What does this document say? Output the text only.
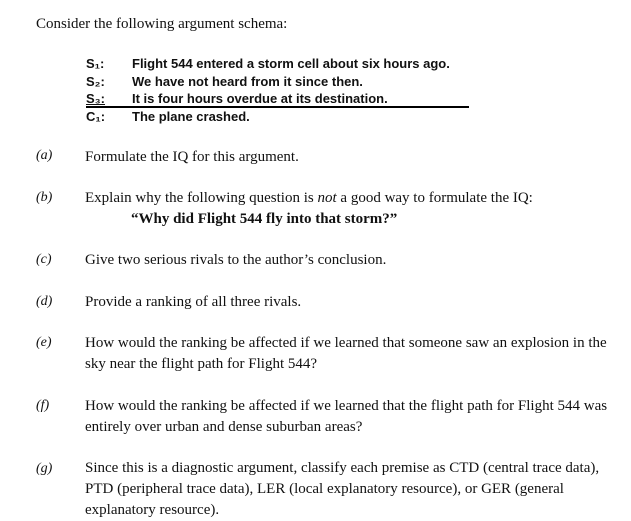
Consider the following argument schema:
S₁: Flight 544 entered a storm cell about six hours ago.
S₂: We have not heard from it since then.
S₃: It is four hours overdue at its destination.
C₁: The plane crashed.
(a) Formulate the IQ for this argument.
(b) Explain why the following question is not a good way to formulate the IQ:
“Why did Flight 544 fly into that storm?”
(c) Give two serious rivals to the author’s conclusion.
(d) Provide a ranking of all three rivals.
(e) How would the ranking be affected if we learned that someone saw an explosion in the sky near the flight path for Flight 544?
(f) How would the ranking be affected if we learned that the flight path for Flight 544 was entirely over urban and dense suburban areas?
(g) Since this is a diagnostic argument, classify each premise as CTD (central trace data), PTD (peripheral trace data), LER (local explanatory resource), or GER (general explanatory resource).
